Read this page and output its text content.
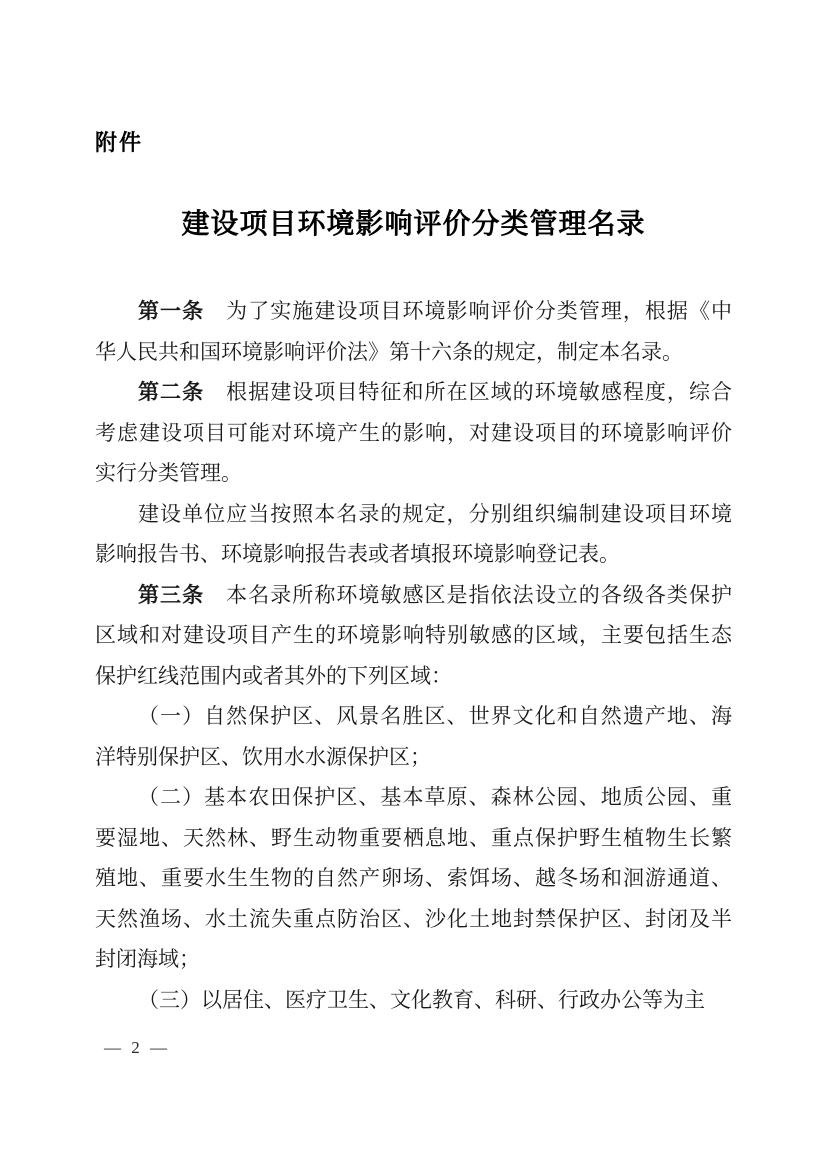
附件
建设项目环境影响评价分类管理名录
第一条　为了实施建设项目环境影响评价分类管理，根据《中
华人民共和国环境影响评价法》第十六条的规定，制定本名录。
第二条　根据建设项目特征和所在区域的环境敏感程度，综合
考虑建设项目可能对环境产生的影响，对建设项目的环境影响评价
实行分类管理。
建设单位应当按照本名录的规定，分别组织编制建设项目环境
影响报告书、环境影响报告表或者填报环境影响登记表。
第三条　本名录所称环境敏感区是指依法设立的各级各类保护
区域和对建设项目产生的环境影响特别敏感的区域，主要包括生态
保护红线范围内或者其外的下列区域：
（一）自然保护区、风景名胜区、世界文化和自然遗产地、海
洋特别保护区、饮用水水源保护区；
（二）基本农田保护区、基本草原、森林公园、地质公园、重
要湿地、天然林、野生动物重要栖息地、重点保护野生植物生长繁
殖地、重要水生生物的自然产卵场、索饵场、越冬场和洄游通道、
天然渔场、水土流失重点防治区、沙化土地封禁保护区、封闭及半
封闭海域；
（三）以居住、医疗卫生、文化教育、科研、行政办公等为主
— 2 —
